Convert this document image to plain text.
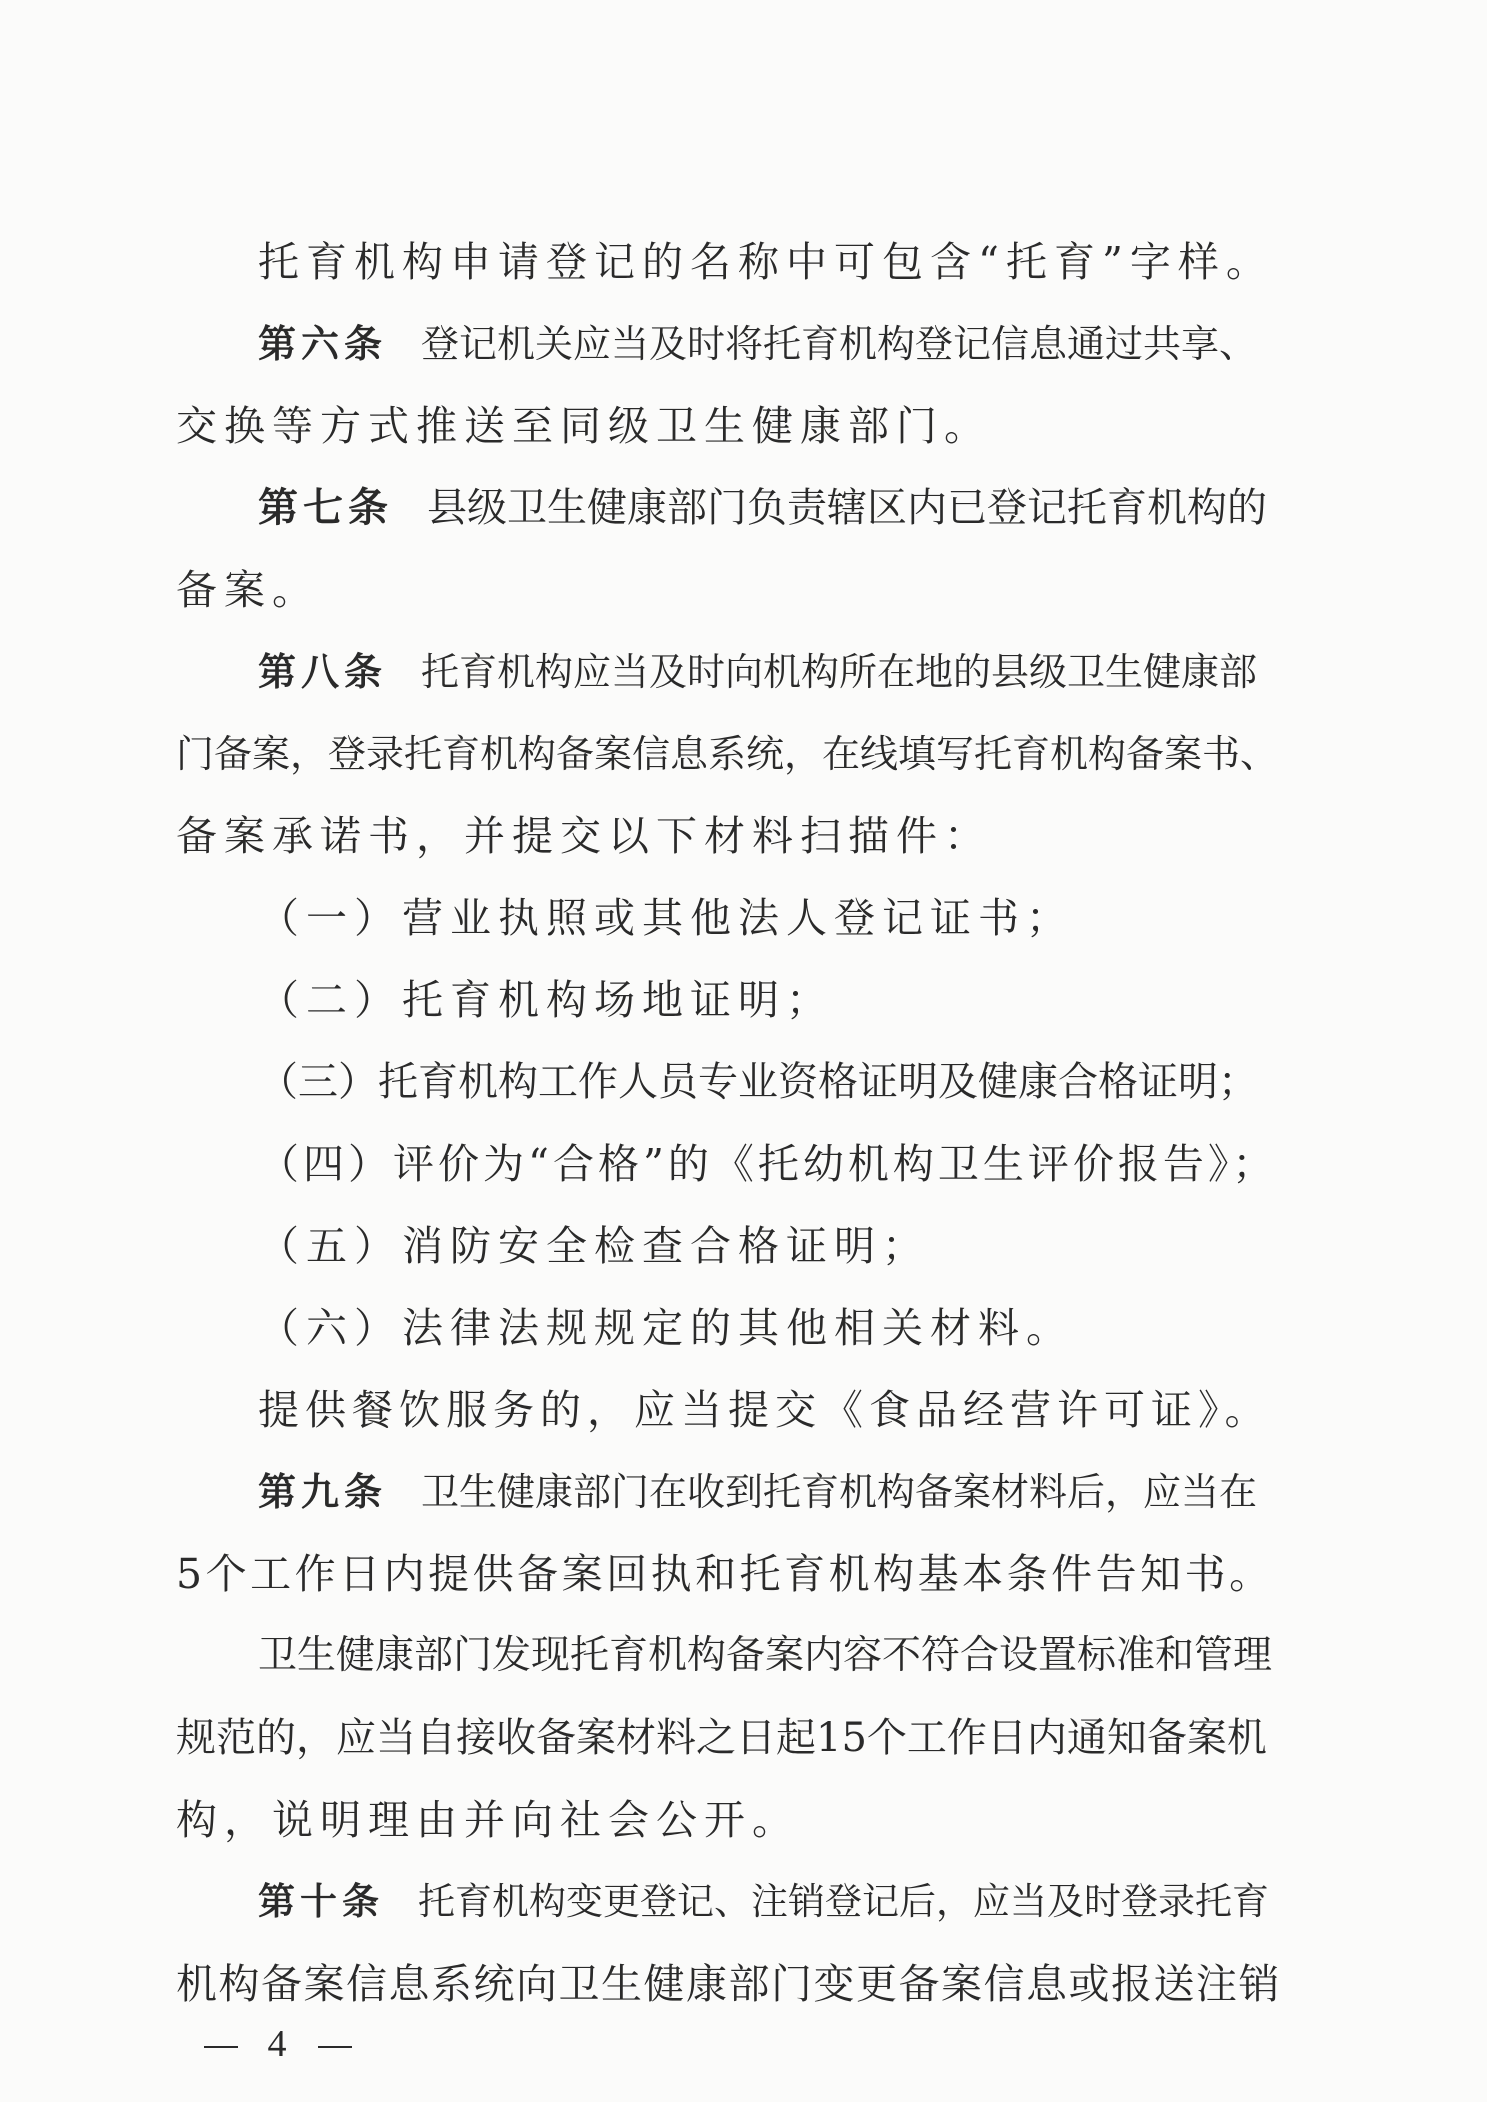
托育机构申请登记的名称中可包含“托育”字样。
第六条 登记机关应当及时将托育机构登记信息通过共享、
交换等方式推送至同级卫生健康部门。
第七条 县级卫生健康部门负责辖区内已登记托育机构的
备案。
第八条 托育机构应当及时向机构所在地的县级卫生健康部
门备案，登录托育机构备案信息系统，在线填写托育机构备案书、
备案承诺书，并提交以下材料扫描件：
（一）营业执照或其他法人登记证书；
（二）托育机构场地证明；
（三）托育机构工作人员专业资格证明及健康合格证明；
（四）评价为“合格”的《托幼机构卫生评价报告》；
（五）消防安全检查合格证明；
（六）法律法规规定的其他相关材料。
提供餐饮服务的，应当提交《食品经营许可证》。
第九条 卫生健康部门在收到托育机构备案材料后，应当在
5个工作日内提供备案回执和托育机构基本条件告知书。
卫生健康部门发现托育机构备案内容不符合设置标准和管理
规范的，应当自接收备案材料之日起15个工作日内通知备案机
构，说明理由并向社会公开。
第十条 托育机构变更登记、注销登记后，应当及时登录托育
机构备案信息系统向卫生健康部门变更备案信息或报送注销
4
